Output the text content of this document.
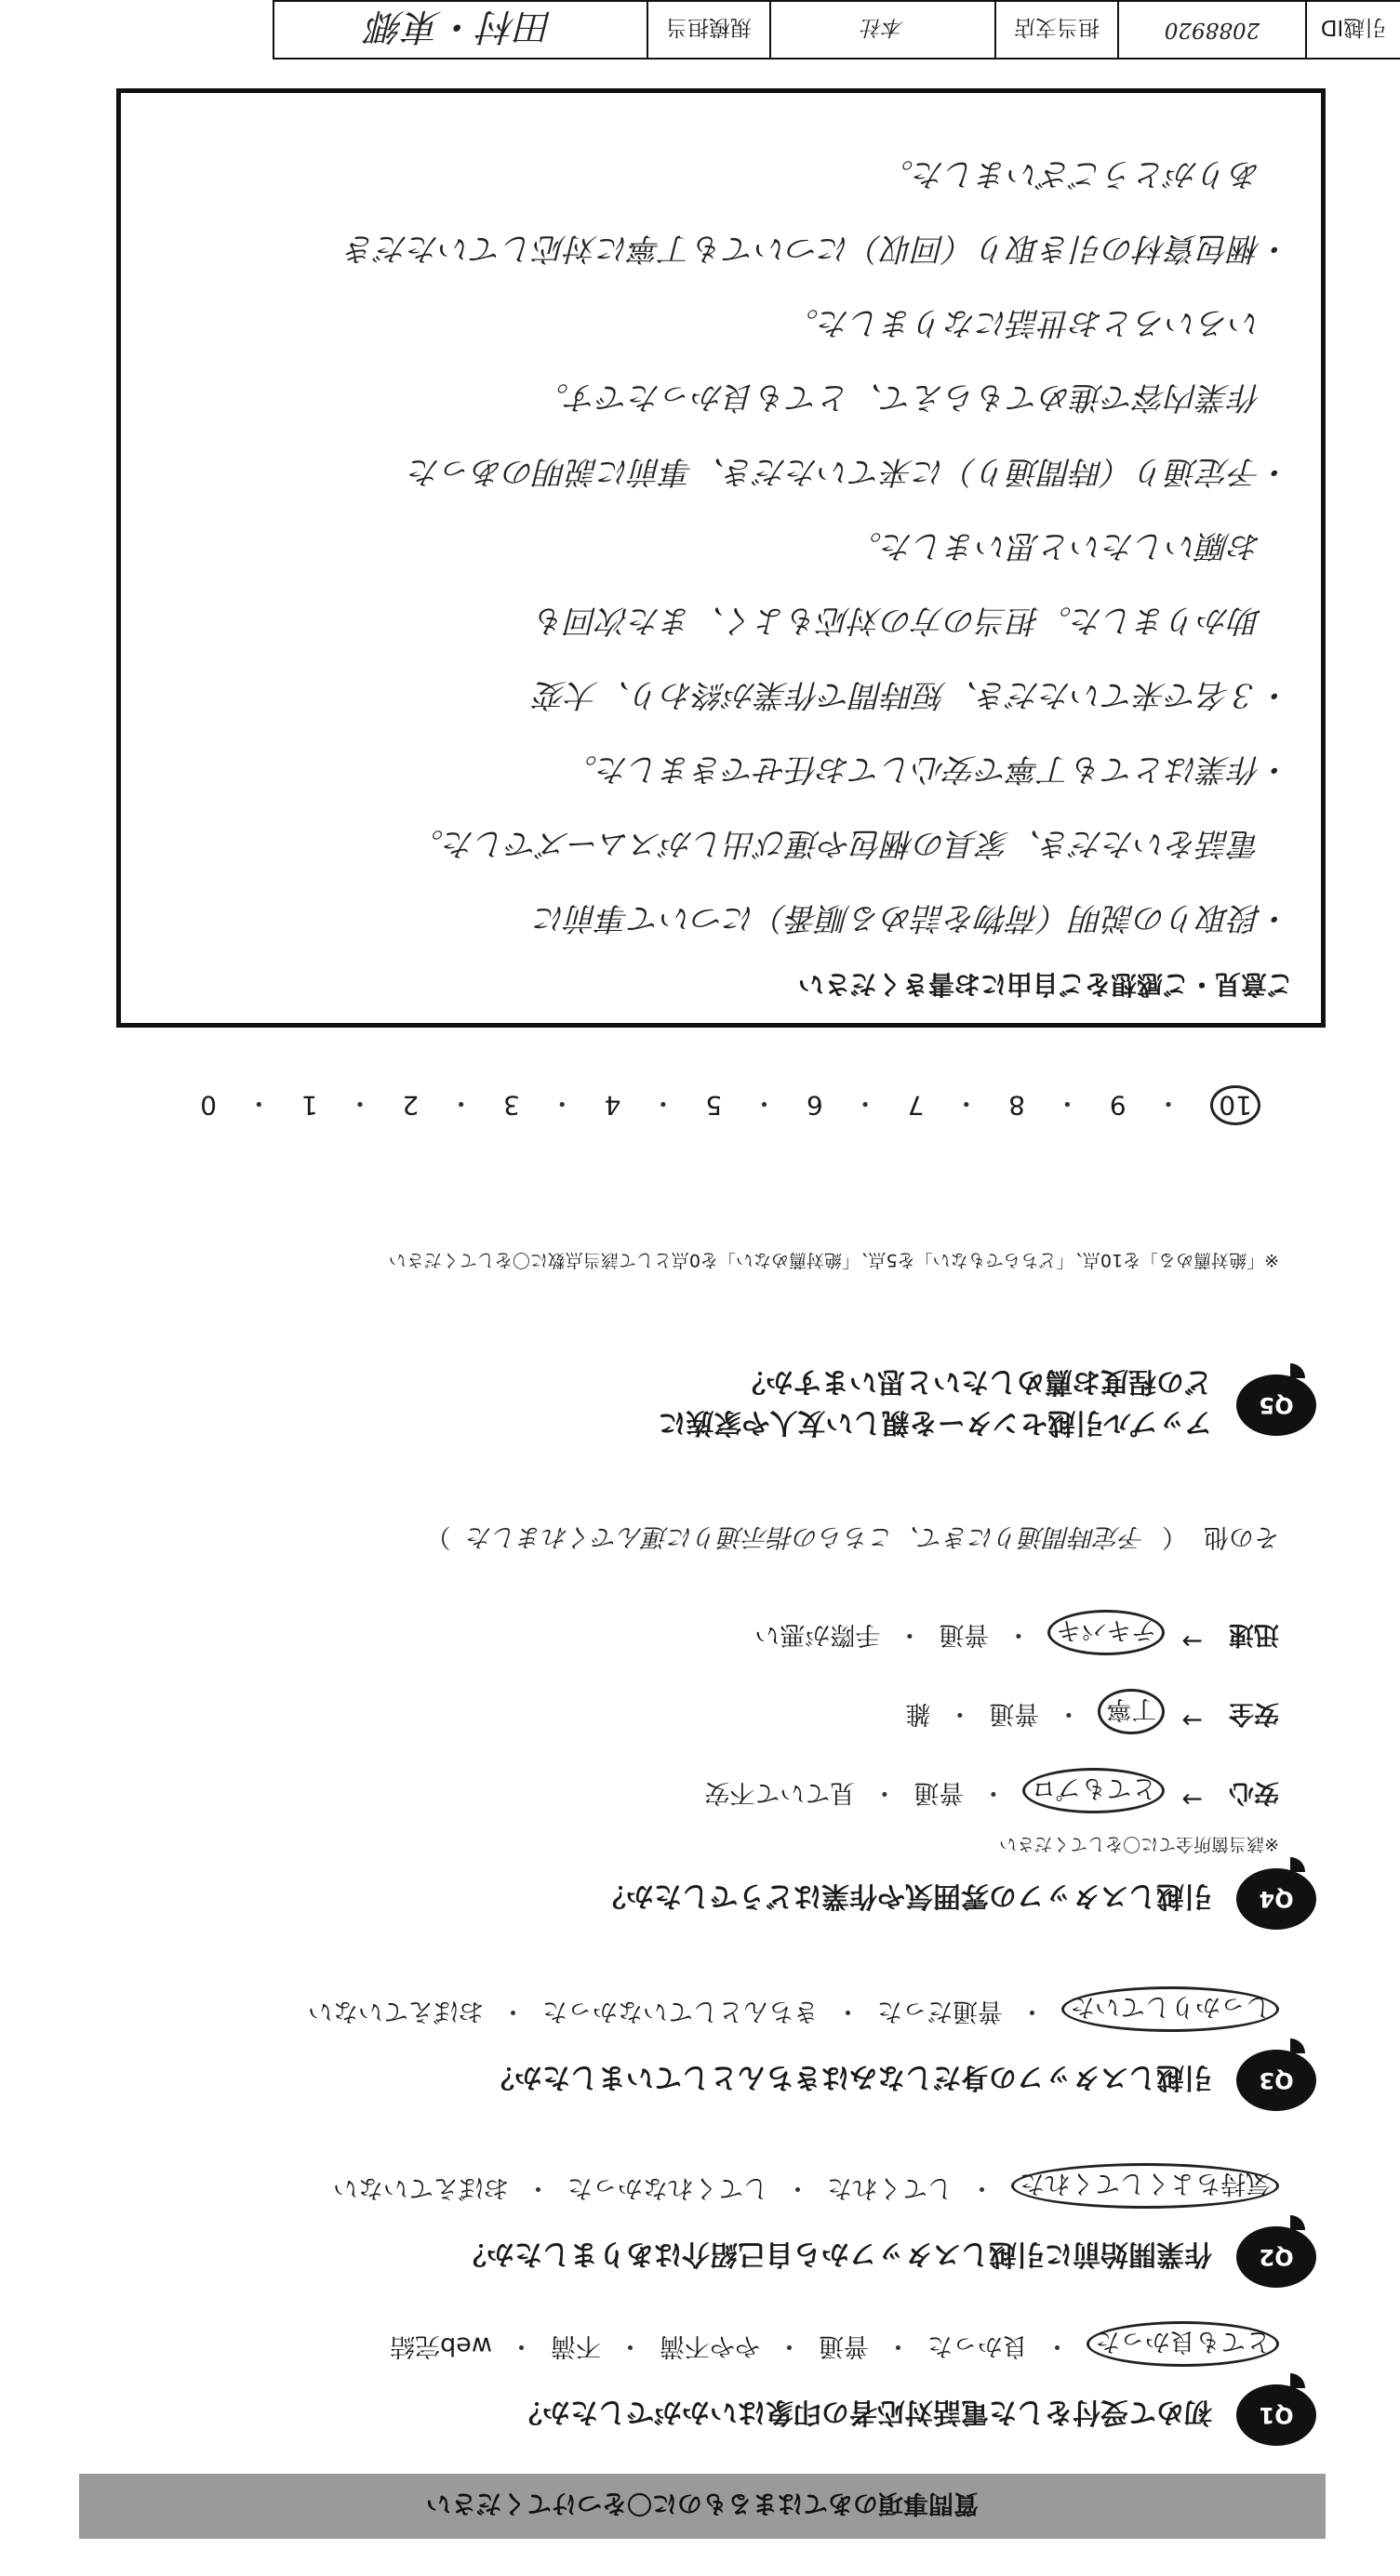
質問事項のあてはまるものに〇をつけてください
Q1
初めて受付をした電話対応者の印象はいかがでしたか？
とても良かった
・
良かった
・
普通
・
やや不満
・
不満
・
web完結
Q2
作業開始前に引越しスタッフから自己紹介はありましたか？
気持ちよくしてくれた
・
してくれた
・
してくれなかった
・
おぼえていない
Q3
引越しスタッフの身だしなみはきちんとしていましたか？
しっかりしていた
・
普通だった
・
きちんとしていなかった
・
おぼえていない
Q4
引越しスタッフの雰囲気や作業はどうでしたか？
※該当箇所全てに〇をしてください
安心
→
とてもプロ
・
普通
・
見ていて不安
安全
→
丁寧
・
普通
・
雑
迅速
→
テキパキ
・
普通
・
手際が悪い
その他
（
予定時間通りにきて、こちらの指示通りに運んでくれました
）
Q5
アップル引越センターを親しい友人や家族に
どの程度お薦めしたいと思いますか？
※「絶対薦める」を10点、「どちらでもない」を5点、「絶対薦めない」を0点として該当点数に〇をしてください
10
・
9
・
8
・
7
・
6
・
5
・
4
・
3
・
2
・
1
・
0
ご意見・ご感想をご自由にお書きください
・段取りの説明（荷物を詰める順番）について事前に
　電話をいただき、家具の梱包や運び出しがスムーズでした。
・作業はとても丁寧で安心してお任せできました。
・３名で来ていただき、短時間で作業が終わり、大変
　助かりました。担当の方の対応もよく、また次回も
　お願いしたいと思いました。
・予定通り（時間通り）に来ていただき、事前に説明のあった
　作業内容で進めてもらえて、とても良かったです。
　いろいろとお世話になりました。
・梱包資材の引き取り（回収）についても丁寧に対応していただき
　ありがとうございました。
引越ID
2088920
担当支店
本社
規模担当
田村・東郷
